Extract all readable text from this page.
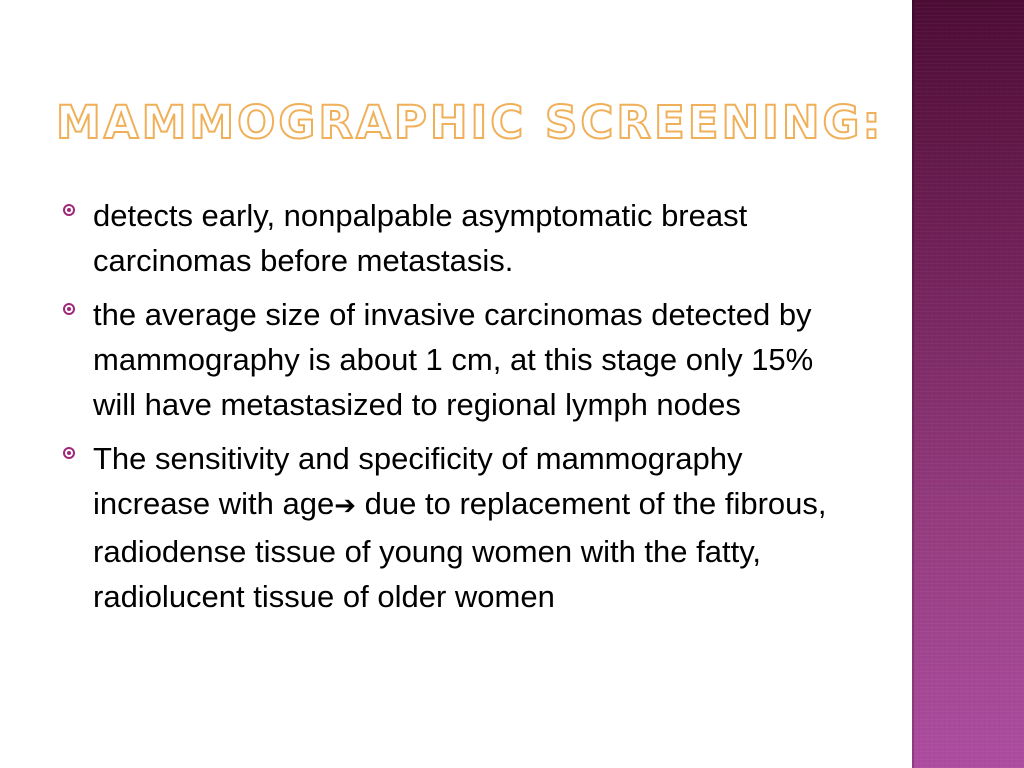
MAMMOGRAPHIC SCREENING:

detects early, nonpalpable asymptomatic breast carcinomas before metastasis.

the average size of invasive carcinomas detected by mammography is about 1 cm, at this stage only 15% will have metastasized to regional lymph nodes

The sensitivity and specificity of mammography increase with age➔ due to replacement of the fibrous, radiodense tissue of young women with the fatty, radiolucent tissue of older women
